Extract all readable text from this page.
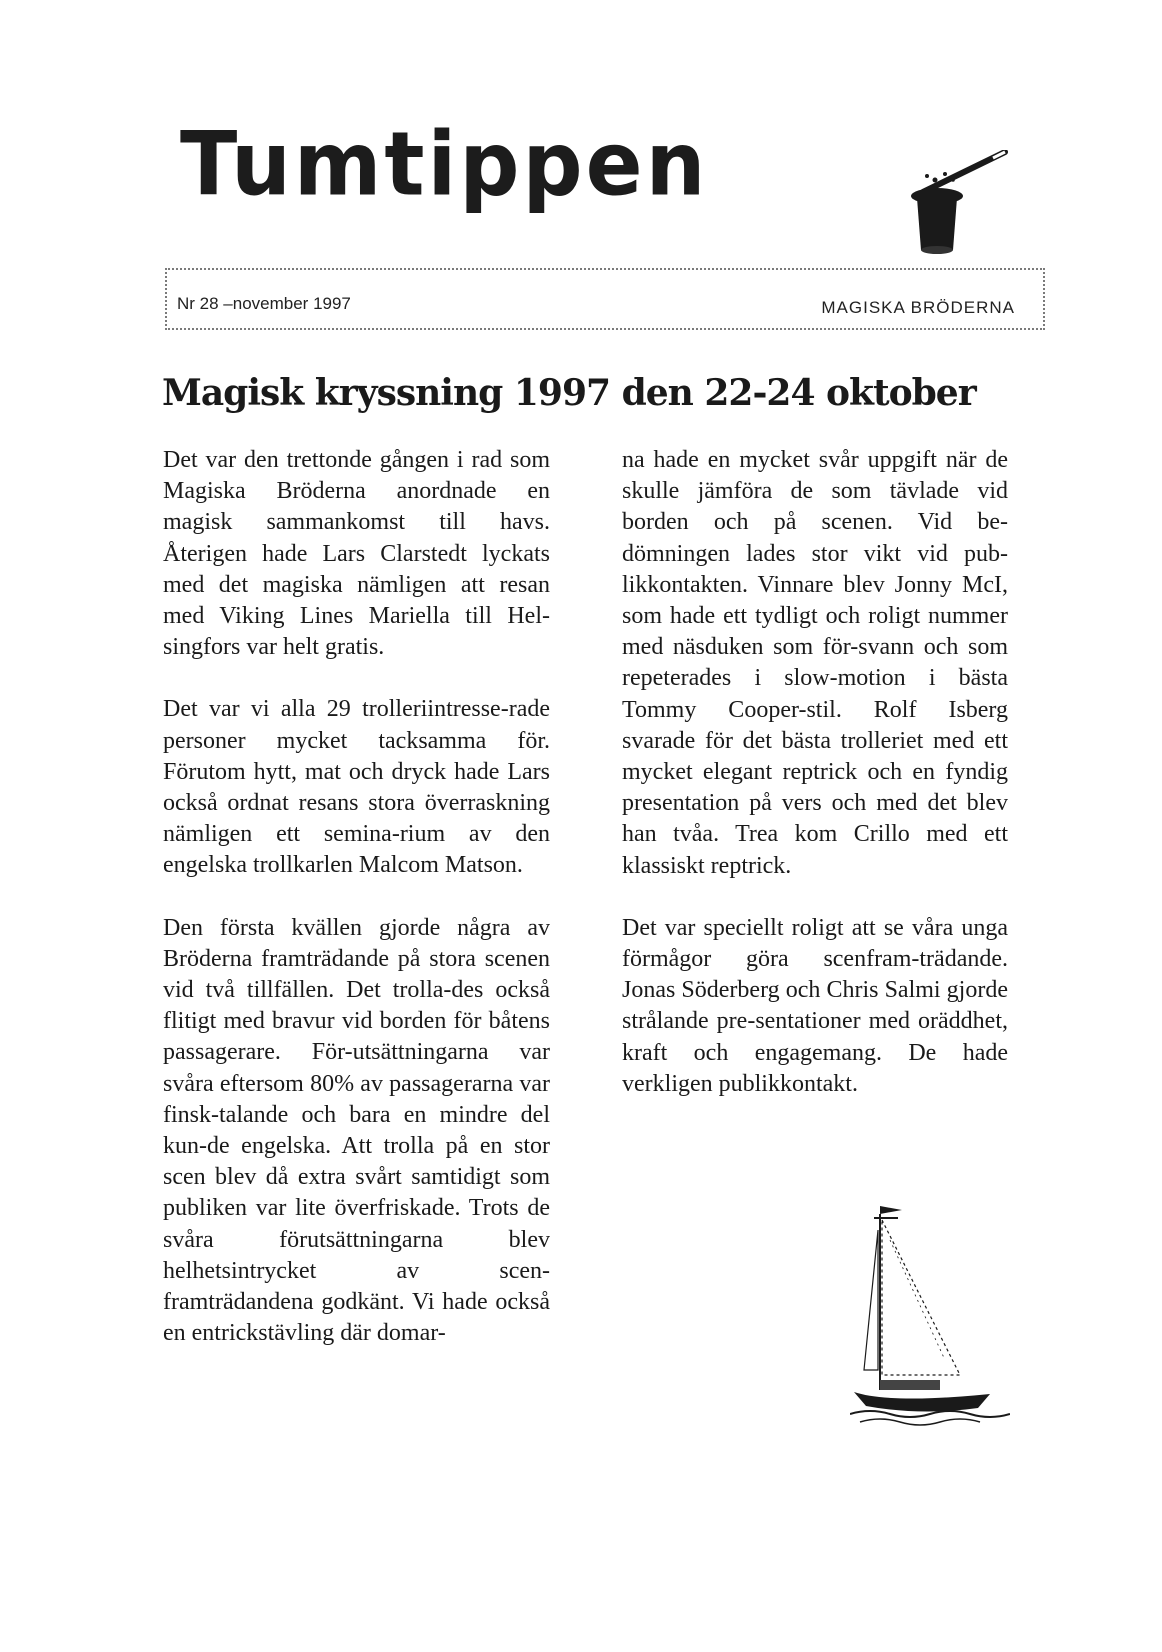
Tumtippen
Nr 28 –november 1997	MAGISKA BRÖDERNA
Magisk kryssning 1997 den 22-24 oktober

Det var den trettonde gången i rad som Magiska Bröderna anordnade en magisk sammankomst till havs. Återigen hade Lars Clarstedt lyckats med det magiska nämligen att resan med Viking Lines Mariella till Hel-singfors var helt gratis.

Det var vi alla 29 trolleriintresse-rade personer mycket tacksamma för. Förutom hytt, mat och dryck hade Lars också ordnat resans stora överraskning nämligen ett semina-rium av den engelska trollkarlen Malcom Matson.

Den första kvällen gjorde några av Bröderna framträdande på stora scenen vid två tillfällen. Det trolla-des också flitigt med bravur vid borden för båtens passagerare. För-utsättningarna var svåra eftersom 80% av passagerarna var finsk-talande och bara en mindre del kun-de engelska. Att trolla på en stor scen blev då extra svårt samtidigt som publiken var lite överfriskade. Trots de svåra förutsättningarna blev helhetsintrycket av scen-framträdandena godkänt. Vi hade också en entrickstävling där domar-

na hade en mycket svår uppgift när de skulle jämföra de som tävlade vid borden och på scenen. Vid be-dömningen lades stor vikt vid pub-likkontakten. Vinnare blev Jonny McI, som hade ett tydligt och roligt nummer med näsduken som för-svann och som repeterades i slow-motion i bästa Tommy Cooper-stil. Rolf Isberg svarade för det bästa trolleriet med ett mycket elegant reptrick och en fyndig presentation på vers och med det blev han tvåa. Trea kom Crillo med ett klassiskt reptrick.

Det var speciellt roligt att se våra unga förmågor göra scenfram-trädande. Jonas Söderberg och Chris Salmi gjorde strålande pre-sentationer med oräddhet, kraft och engagemang. De hade verkligen publikkontakt.
